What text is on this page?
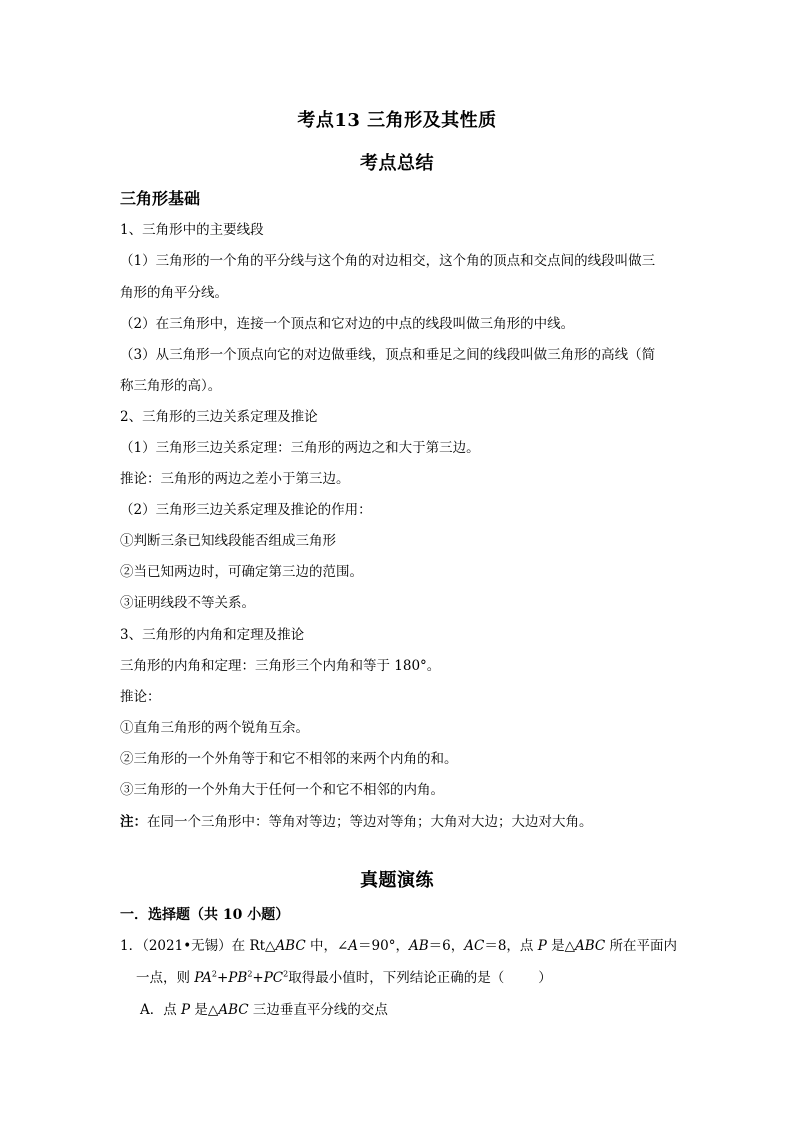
考点13 三角形及其性质
考点总结
三角形基础
1、三角形中的主要线段
（1）三角形的一个角的平分线与这个角的对边相交，这个角的顶点和交点间的线段叫做三
角形的角平分线。
（2）在三角形中，连接一个顶点和它对边的中点的线段叫做三角形的中线。
（3）从三角形一个顶点向它的对边做垂线，顶点和垂足之间的线段叫做三角形的高线（简
称三角形的高）。
2、三角形的三边关系定理及推论
（1）三角形三边关系定理：三角形的两边之和大于第三边。
推论：三角形的两边之差小于第三边。
（2）三角形三边关系定理及推论的作用：
①判断三条已知线段能否组成三角形
②当已知两边时，可确定第三边的范围。
③证明线段不等关系。
3、三角形的内角和定理及推论
三角形的内角和定理：三角形三个内角和等于 180°。
推论：
①直角三角形的两个锐角互余。
②三角形的一个外角等于和它不相邻的来两个内角的和。
③三角形的一个外角大于任何一个和它不相邻的内角。
注：在同一个三角形中：等角对等边；等边对等角；大角对大边；大边对大角。
真题演练
一．选择题（共 10 小题）
1．（2021•无锡）在 Rt△ABC 中，∠A＝90°，AB＝6，AC＝8，点 P 是△ABC 所在平面内
一点，则 $PA^2+PB^2+PC^2$取得最小值时，下列结论正确的是（	）
A．点 P 是△ABC 三边垂直平分线的交点
